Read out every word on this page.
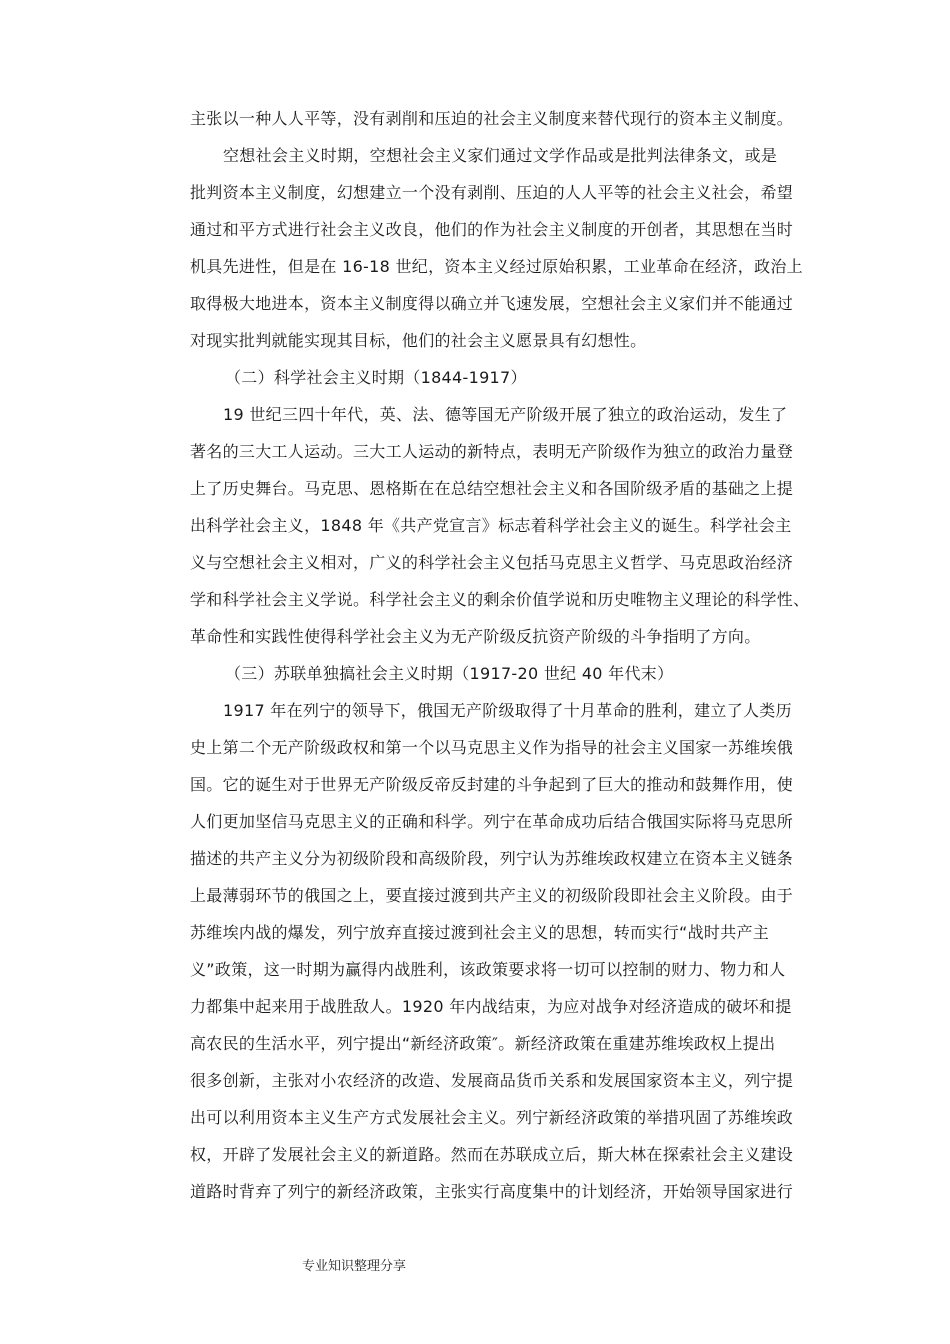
主张以一种人人平等，没有剥削和压迫的社会主义制度来替代现行的资本主义制度。
空想社会主义时期，空想社会主义家们通过文学作品或是批判法律条文，或是
批判资本主义制度，幻想建立一个没有剥削、压迫的人人平等的社会主义社会，希望
通过和平方式进行社会主义改良，他们的作为社会主义制度的开创者，其思想在当时
机具先进性，但是在 16-18 世纪，资本主义经过原始积累，工业革命在经济，政治上
取得极大地进本，资本主义制度得以确立并飞速发展，空想社会主义家们并不能通过
对现实批判就能实现其目标，他们的社会主义愿景具有幻想性。
（二）科学社会主义时期（1844-1917）
19 世纪三四十年代，英、法、德等国无产阶级开展了独立的政治运动，发生了
著名的三大工人运动。三大工人运动的新特点，表明无产阶级作为独立的政治力量登
上了历史舞台。马克思、恩格斯在在总结空想社会主义和各国阶级矛盾的基础之上提
出科学社会主义，1848 年《共产党宣言》标志着科学社会主义的诞生。科学社会主
义与空想社会主义相对，广义的科学社会主义包括马克思主义哲学、马克思政治经济
学和科学社会主义学说。科学社会主义的剩余价值学说和历史唯物主义理论的科学性、
革命性和实践性使得科学社会主义为无产阶级反抗资产阶级的斗争指明了方向。
（三）苏联单独搞社会主义时期（1917-20 世纪 40 年代末）
1917 年在列宁的领导下，俄国无产阶级取得了十月革命的胜利，建立了人类历
史上第二个无产阶级政权和第一个以马克思主义作为指导的社会主义国家一苏维埃俄
国。它的诞生对于世界无产阶级反帝反封建的斗争起到了巨大的推动和鼓舞作用，使
人们更加坚信马克思主义的正确和科学。列宁在革命成功后结合俄国实际将马克思所
描述的共产主义分为初级阶段和高级阶段，列宁认为苏维埃政权建立在资本主义链条
上最薄弱环节的俄国之上，要直接过渡到共产主义的初级阶段即社会主义阶段。由于
苏维埃内战的爆发，列宁放弃直接过渡到社会主义的思想，转而实行“战时共产主
义”政策，这一时期为赢得内战胜利，该政策要求将一切可以控制的财力、物力和人
力都集中起来用于战胜敌人。1920 年内战结束，为应对战争对经济造成的破坏和提
高农民的生活水平，列宁提出“新经济政策″。新经济政策在重建苏维埃政权上提出
很多创新，主张对小农经济的改造、发展商品货币关系和发展国家资本主义，列宁提
出可以利用资本主义生产方式发展社会主义。列宁新经济政策的举措巩固了苏维埃政
权，开辟了发展社会主义的新道路。然而在苏联成立后，斯大林在探索社会主义建设
道路时背弃了列宁的新经济政策，主张实行高度集中的计划经济，开始领导国家进行
专业知识整理分享
